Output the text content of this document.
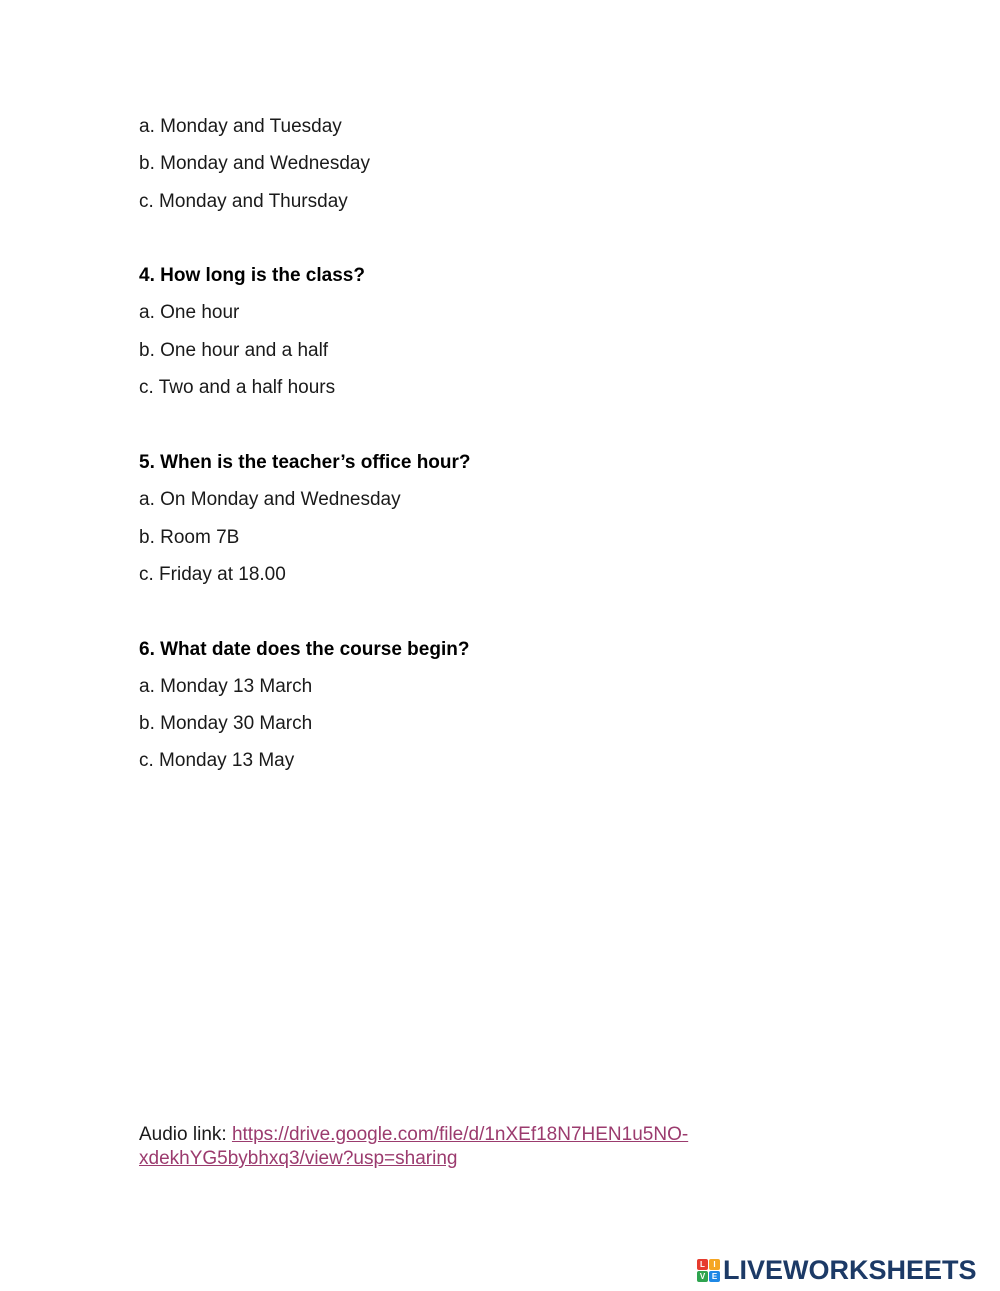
a. Monday and Tuesday
b. Monday and Wednesday
c. Monday and Thursday
4. How long is the class?
a. One hour
b. One hour and a half
c. Two and a half hours
5. When is the teacher’s office hour?
a. On Monday and Wednesday
b. Room 7B
c. Friday at 18.00
6. What date does the course begin?
a. Monday 13 March
b. Monday 30 March
c. Monday 13 May
Audio link: https://drive.google.com/file/d/1nXEf18N7HEN1u5NO-
xdekhYG5bybhxq3/view?usp=sharing
L	I
V E LIVEWORKSHEETS
